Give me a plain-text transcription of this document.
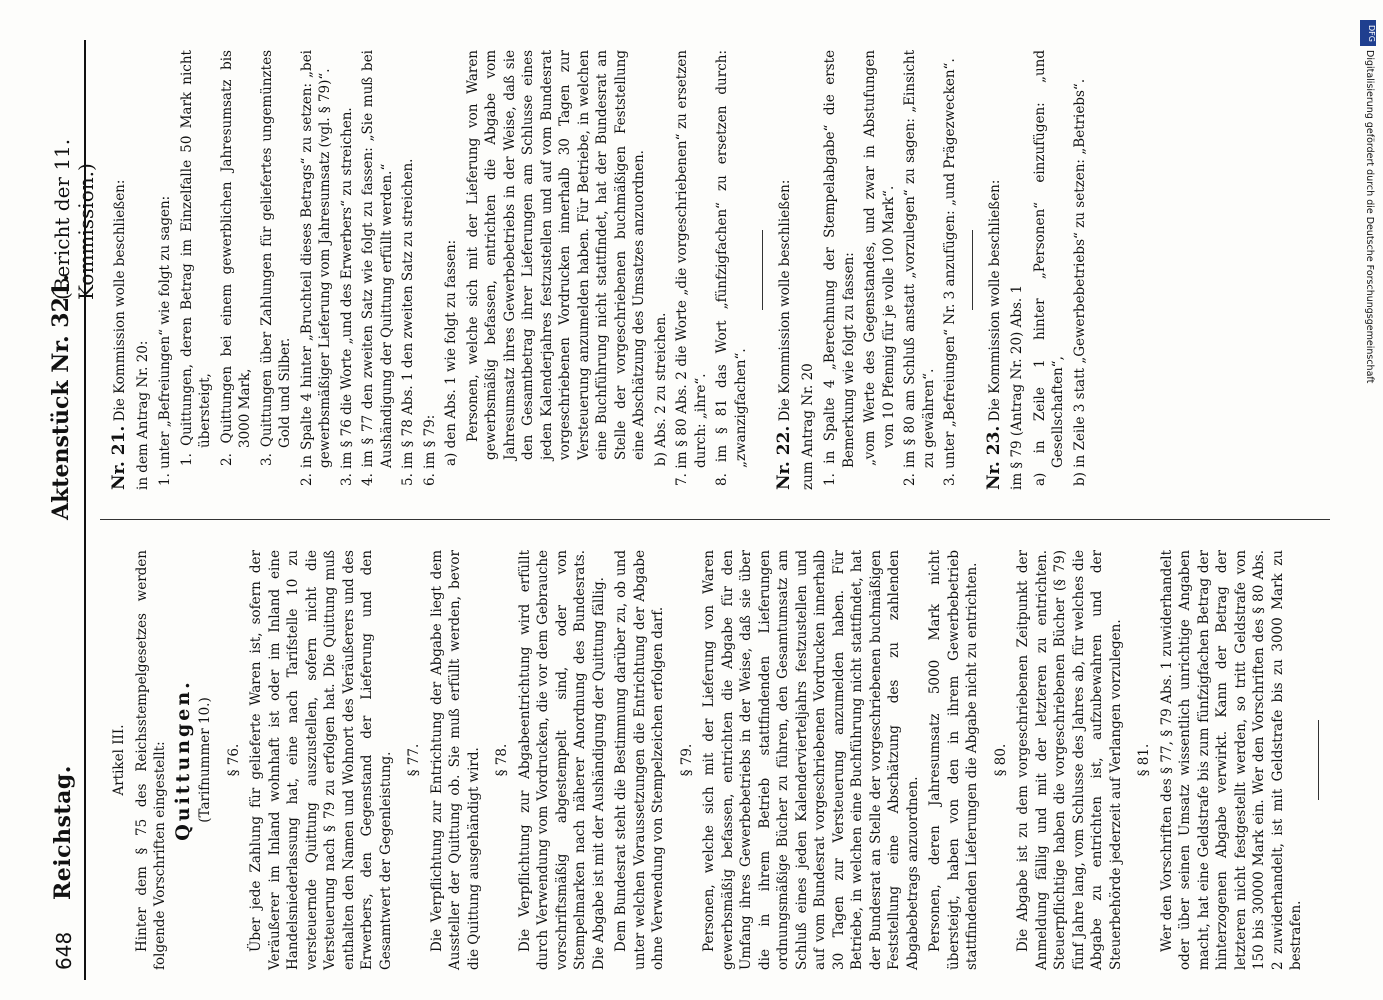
648
Reichstag.
Aktenstück Nr. 321.
(Bericht der 11. Kommission.)

Artikel III. Hinter dem § 75 des Reichsstempelgesetzes werden folgende Vorschriften eingestellt: Quittungen. (Tarifnummer 10.) § 76. Über jede Zahlung für gelieferte Waren ist, sofern der Veräußerer im Inland wohnhaft ist oder im Inland eine Handelsniederlassung hat, eine nach Tarifstelle 10 zu versteuernde Quittung auszustellen, sofern nicht die Versteuerung nach § 79 zu erfolgen hat. Die Quittung muß enthalten den Namen und Wohnort des Veräußerers und des Erwerbers, den Gegenstand der Lieferung und den Gesamtwert der Gegenleistung. § 77. Die Verpflichtung zur Entrichtung der Abgabe liegt dem Aussteller der Quittung ob. Sie muß erfüllt werden, bevor die Quittung ausgehändigt wird. § 78. Die Verpflichtung zur Abgabeentrichtung wird erfüllt durch Verwendung vom Vordrucken, die vor dem Gebrauche vorschriftsmäßig abgestempelt sind, oder von Stempelmarken nach näherer Anordnung des Bundesrats. Die Abgabe ist mit der Aushändigung der Quittung fällig. Dem Bundesrat steht die Bestimmung darüber zu, ob und unter welchen Voraussetzungen die Entrichtung der Abgabe ohne Verwendung von Stempelzeichen erfolgen darf. § 79. Personen, welche sich mit der Lieferung von Waren gewerbsmäßig befassen, entrichten die Abgabe für den Umfang ihres Gewerbebetriebs in der Weise, daß sie über die in ihrem Betrieb stattfindenden Lieferungen ordnungsmäßige Bücher zu führen, den Gesamtumsatz am Schluß eines jeden Kalendervierteljahrs festzustellen und auf vom Bundesrat vorgeschriebenen Vordrucken innerhalb 30 Tagen zur Versteuerung anzumelden haben. Für Betriebe, in welchen eine Buchführung nicht stattfindet, hat der Bundesrat an Stelle der vorgeschriebenen buchmäßigen Feststellung eine Abschätzung des zu zahlenden Abgabebetrags anzuordnen. Personen, deren Jahresumsatz 5000 Mark nicht übersteigt, haben von den in ihrem Gewerbebetrieb stattfindenden Lieferungen die Abgabe nicht zu entrichten. § 80. Die Abgabe ist zu dem vorgeschriebenen Zeitpunkt der Anmeldung fällig und mit der letzteren zu entrichten. Steuerpflichtige haben die vorgeschriebenen Bücher (§ 79) fünf Jahre lang, vom Schlusse des Jahres ab, für welches die Abgabe zu entrichten ist, aufzubewahren und der Steuerbehörde jederzeit auf Verlangen vorzulegen. § 81. Wer den Vorschriften des § 77, § 79 Abs. 1 zuwiderhandelt oder über seinen Umsatz wissentlich unrichtige Angaben macht, hat eine Geldstrafe bis zum fünfzigfachen Betrag der hinterzogenen Abgabe verwirkt. Kann der Betrag der letzteren nicht festgestellt werden, so tritt Geldstrafe von 150 bis 30000 Mark ein. Wer den Vorschriften des § 80 Abs. 2 zuwiderhandelt, ist mit Geldstrafe bis zu 3000 Mark zu bestrafen.

Nr. 21. Die Kommission wolle beschließen: in dem Antrag Nr. 20: 1. unter „Befreiungen“ wie folgt zu sagen: 1. Quittungen, deren Betrag im Einzelfalle 50 Mark nicht übersteigt, 2. Quittungen bei einem gewerblichen Jahresumsatz bis 3000 Mark, 3. Quittungen über Zahlungen für geliefertes ungemünztes Gold und Silber. 2. in Spalte 4 hinter „Bruchteil dieses Betrags“ zu setzen: „bei gewerbsmäßiger Lieferung vom Jahresumsatz (vgl. § 79)“. 3. im § 76 die Worte „und des Erwerbers“ zu streichen. 4. im § 77 den zweiten Satz wie folgt zu fassen: „Sie muß bei Aushändigung der Quittung erfüllt werden.“ 5. im § 78 Abs. 1 den zweiten Satz zu streichen. 6. im § 79: a) den Abs. 1 wie folgt zu fassen: Personen, welche sich mit der Lieferung von Waren gewerbsmäßig befassen, entrichten die Abgabe vom Jahresumsatz ihres Gewerbebetriebs in der Weise, daß sie den Gesamtbetrag ihrer Lieferungen am Schlusse eines jeden Kalenderjahres festzustellen und auf vom Bundesrat vorgeschriebenen Vordrucken innerhalb 30 Tagen zur Versteuerung anzumelden haben. Für Betriebe, in welchen eine Buchführung nicht stattfindet, hat der Bundesrat an Stelle der vorgeschriebenen buchmäßigen Feststellung eine Abschätzung des Umsatzes anzuordnen. b) Abs. 2 zu streichen. 7. im § 80 Abs. 2 die Worte „die vorgeschriebenen“ zu ersetzen durch: „ihre“. 8. im § 81 das Wort „fünfzigfachen“ zu ersetzen durch: „zwanzigfachen“. Nr. 22. Die Kommission wolle beschließen:

zum Antrag Nr. 20 1. in Spalte 4 „Berechnung der Stempelabgabe“ die erste Bemerkung wie folgt zu fassen: „vom Werte des Gegenstandes, und zwar in Abstufungen von 10 Pfennig für je volle 100 Mark“. 2. im § 80 am Schluß anstatt „vorzulegen“ zu sagen: „Einsicht zu gewähren“. 3. unter „Befreiungen“ Nr. 3 anzufügen: „und Prägezwecken“. Nr. 23. Die Kommission wolle beschließen: im § 79 (Antrag Nr. 20) Abs. 1 a) in Zeile 1 hinter „Personen“ einzufügen: „und Gesellschaften“, b) in Zeile 3 statt „Gewerbebetriebs“ zu setzen: „Betriebs“.

DFG
Digitalisierung gefördert durch die Deutsche Forschungsgemeinschaft
